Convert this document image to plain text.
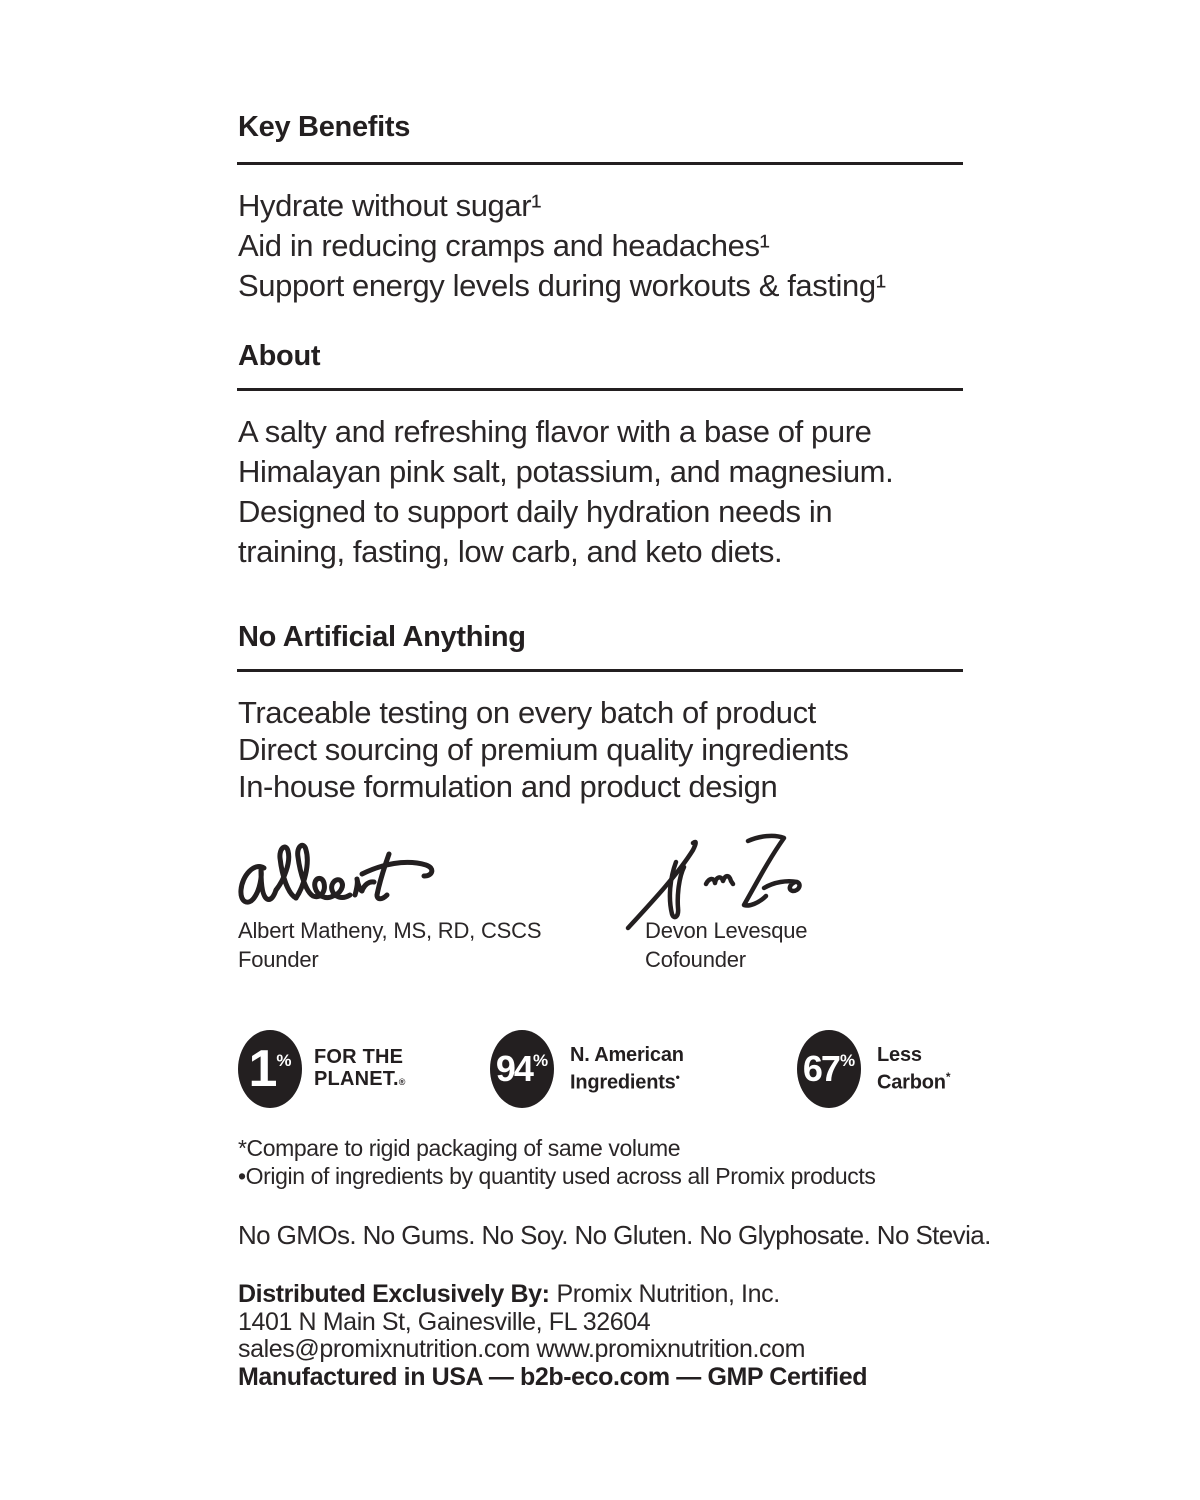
Key Benefits
Hydrate without sugar¹
Aid in reducing cramps and headaches¹
Support energy levels during workouts & fasting¹
About
A salty and refreshing flavor with a base of pure
Himalayan pink salt, potassium, and magnesium.
Designed to support daily hydration needs in
training, fasting, low carb, and keto diets.
No Artificial Anything
Traceable testing on every batch of product
Direct sourcing of premium quality ingredients
In-house formulation and product design
Albert Matheny, MS, RD, CSCS
Founder
Devon Levesque
Cofounder
1 % FOR THE
PLANET.®	94 % N. American
Ingredients•	67 % Less
Carbon*
*Compare to rigid packaging of same volume
•Origin of ingredients by quantity used across all Promix products
No GMOs. No Gums. No Soy. No Gluten. No Glyphosate. No Stevia.
Distributed Exclusively By: Promix Nutrition, Inc.
1401 N Main St, Gainesville, FL 32604
sales@promixnutrition.com www.promixnutrition.com
Manufactured in USA — b2b-eco.com — GMP Certified
